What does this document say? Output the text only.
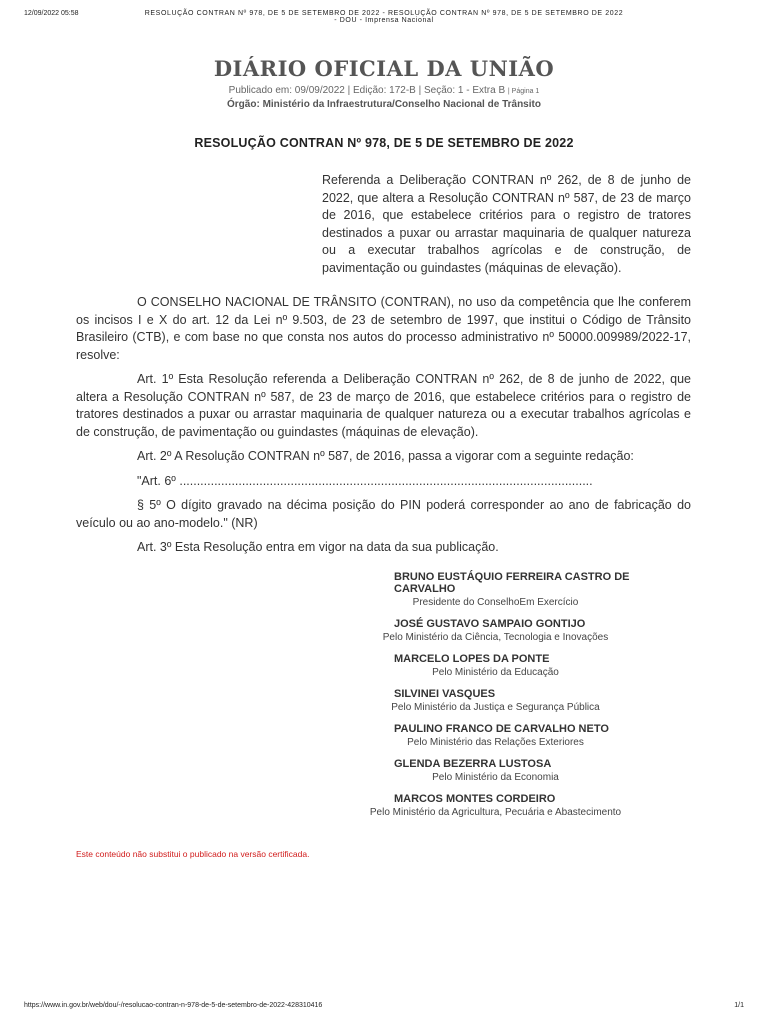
12/09/2022 05:58	RESOLUÇÃO CONTRAN Nº 978, DE 5 DE SETEMBRO DE 2022 - RESOLUÇÃO CONTRAN Nº 978, DE 5 DE SETEMBRO DE 2022 - DOU - Imprensa Nacional
DIÁRIO OFICIAL DA UNIÃO
Publicado em: 09/09/2022 | Edição: 172-B | Seção: 1 - Extra B | Página 1
Órgão: Ministério da Infraestrutura/Conselho Nacional de Trânsito
RESOLUÇÃO CONTRAN Nº 978, DE 5 DE SETEMBRO DE 2022
Referenda a Deliberação CONTRAN nº 262, de 8 de junho de 2022, que altera a Resolução CONTRAN nº 587, de 23 de março de 2016, que estabelece critérios para o registro de tratores destinados a puxar ou arrastar maquinaria de qualquer natureza ou a executar trabalhos agrícolas e de construção, de pavimentação ou guindastes (máquinas de elevação).

O CONSELHO NACIONAL DE TRÂNSITO (CONTRAN), no uso da competência que lhe conferem os incisos I e X do art. 12 da Lei nº 9.503, de 23 de setembro de 1997, que institui o Código de Trânsito Brasileiro (CTB), e com base no que consta nos autos do processo administrativo nº 50000.009989/2022-17, resolve:

Art. 1º Esta Resolução referenda a Deliberação CONTRAN nº 262, de 8 de junho de 2022, que altera a Resolução CONTRAN nº 587, de 23 de março de 2016, que estabelece critérios para o registro de tratores destinados a puxar ou arrastar maquinaria de qualquer natureza ou a executar trabalhos agrícolas e de construção, de pavimentação ou guindastes (máquinas de elevação).

Art. 2º A Resolução CONTRAN nº 587, de 2016, passa a vigorar com a seguinte redação:

"Art. 6º .......................................................................................................................

§ 5º O dígito gravado na décima posição do PIN poderá corresponder ao ano de fabricação do veículo ou ao ano-modelo." (NR)

Art. 3º Esta Resolução entra em vigor na data da sua publicação.

BRUNO EUSTÁQUIO FERREIRA CASTRO DE CARVALHO
Presidente do ConselhoEm Exercício
JOSÉ GUSTAVO SAMPAIO GONTIJO
Pelo Ministério da Ciência, Tecnologia e Inovações
MARCELO LOPES DA PONTE
Pelo Ministério da Educação
SILVINEI VASQUES
Pelo Ministério da Justiça e Segurança Pública
PAULINO FRANCO DE CARVALHO NETO
Pelo Ministério das Relações Exteriores
GLENDA BEZERRA LUSTOSA
Pelo Ministério da Economia
MARCOS MONTES CORDEIRO
Pelo Ministério da Agricultura, Pecuária e Abastecimento
Este conteúdo não substitui o publicado na versão certificada.
https://www.in.gov.br/web/dou/-/resolucao-contran-n-978-de-5-de-setembro-de-2022-428310416	1/1
